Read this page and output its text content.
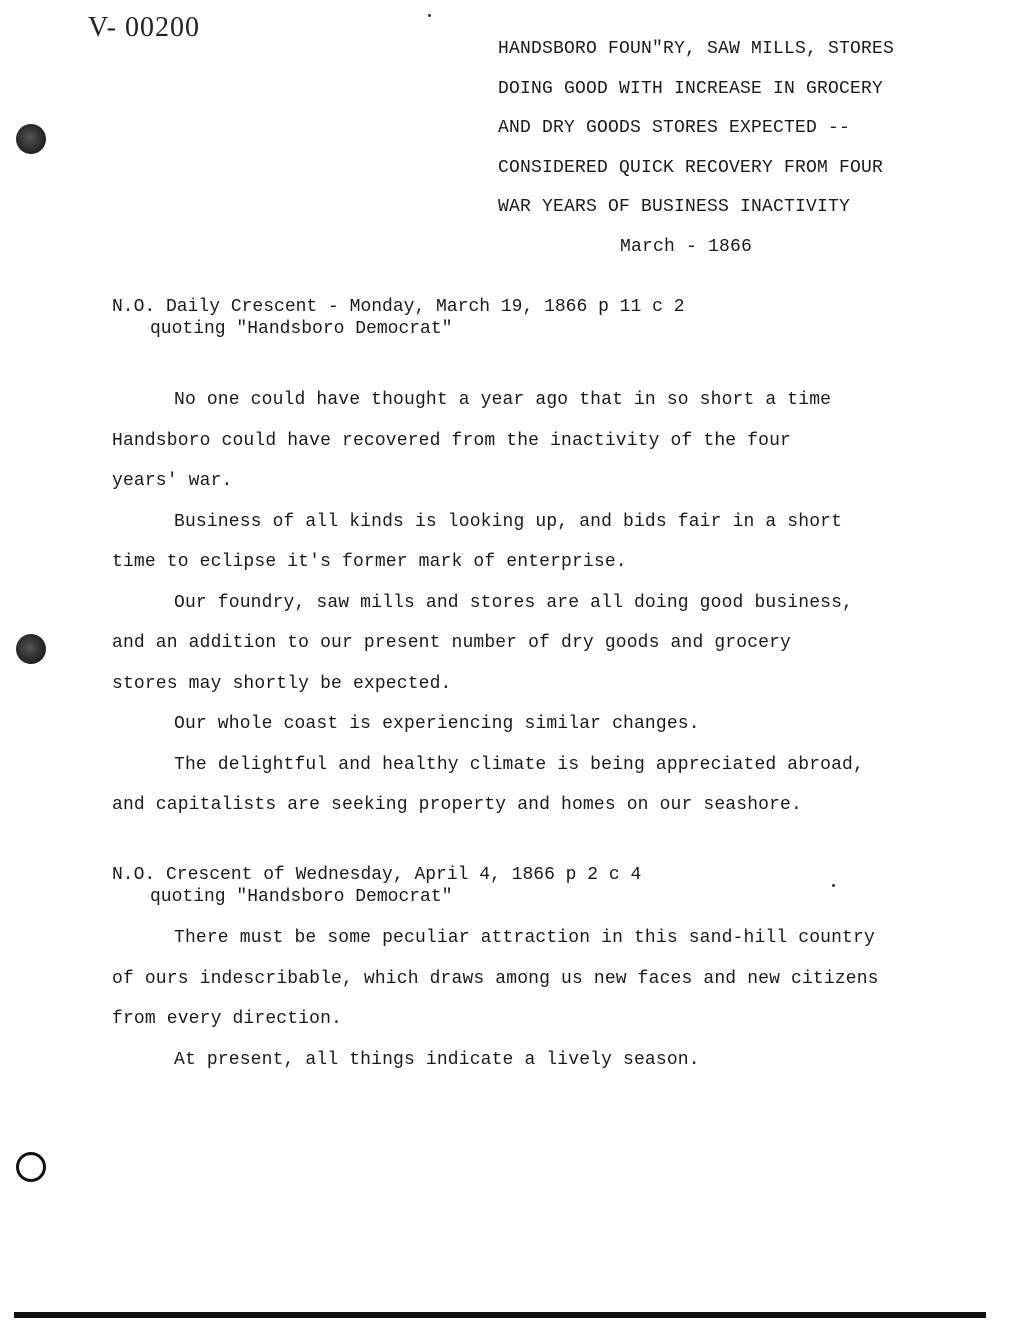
V- 00200
HANDSBORO FOUN"RY, SAW MILLS, STORES
DOING GOOD WITH INCREASE IN GROCERY
AND DRY GOODS STORES EXPECTED --
CONSIDERED QUICK RECOVERY FROM FOUR
WAR YEARS OF BUSINESS INACTIVITY
March - 1866
N.O. Daily Crescent - Monday, March 19, 1866 p 11 c 2
quoting "Handsboro Democrat"

No one could have thought a year ago that in so short a time
Handsboro could have recovered from the inactivity of the four
years' war.

Business of all kinds is looking up, and bids fair in a short
time to eclipse it's former mark of enterprise.

Our foundry, saw mills and stores are all doing good business,
and an addition to our present number of dry goods and grocery
stores may shortly be expected.

Our whole coast is experiencing similar changes.

The delightful and healthy climate is being appreciated abroad,
and capitalists are seeking property and homes on our seashore.

N.O. Crescent of Wednesday, April 4, 1866 p 2 c 4
quoting "Handsboro Democrat"

There must be some peculiar attraction in this sand-hill country
of ours indescribable, which draws among us new faces and new citizens
from every direction.

At present, all things indicate a lively season.
